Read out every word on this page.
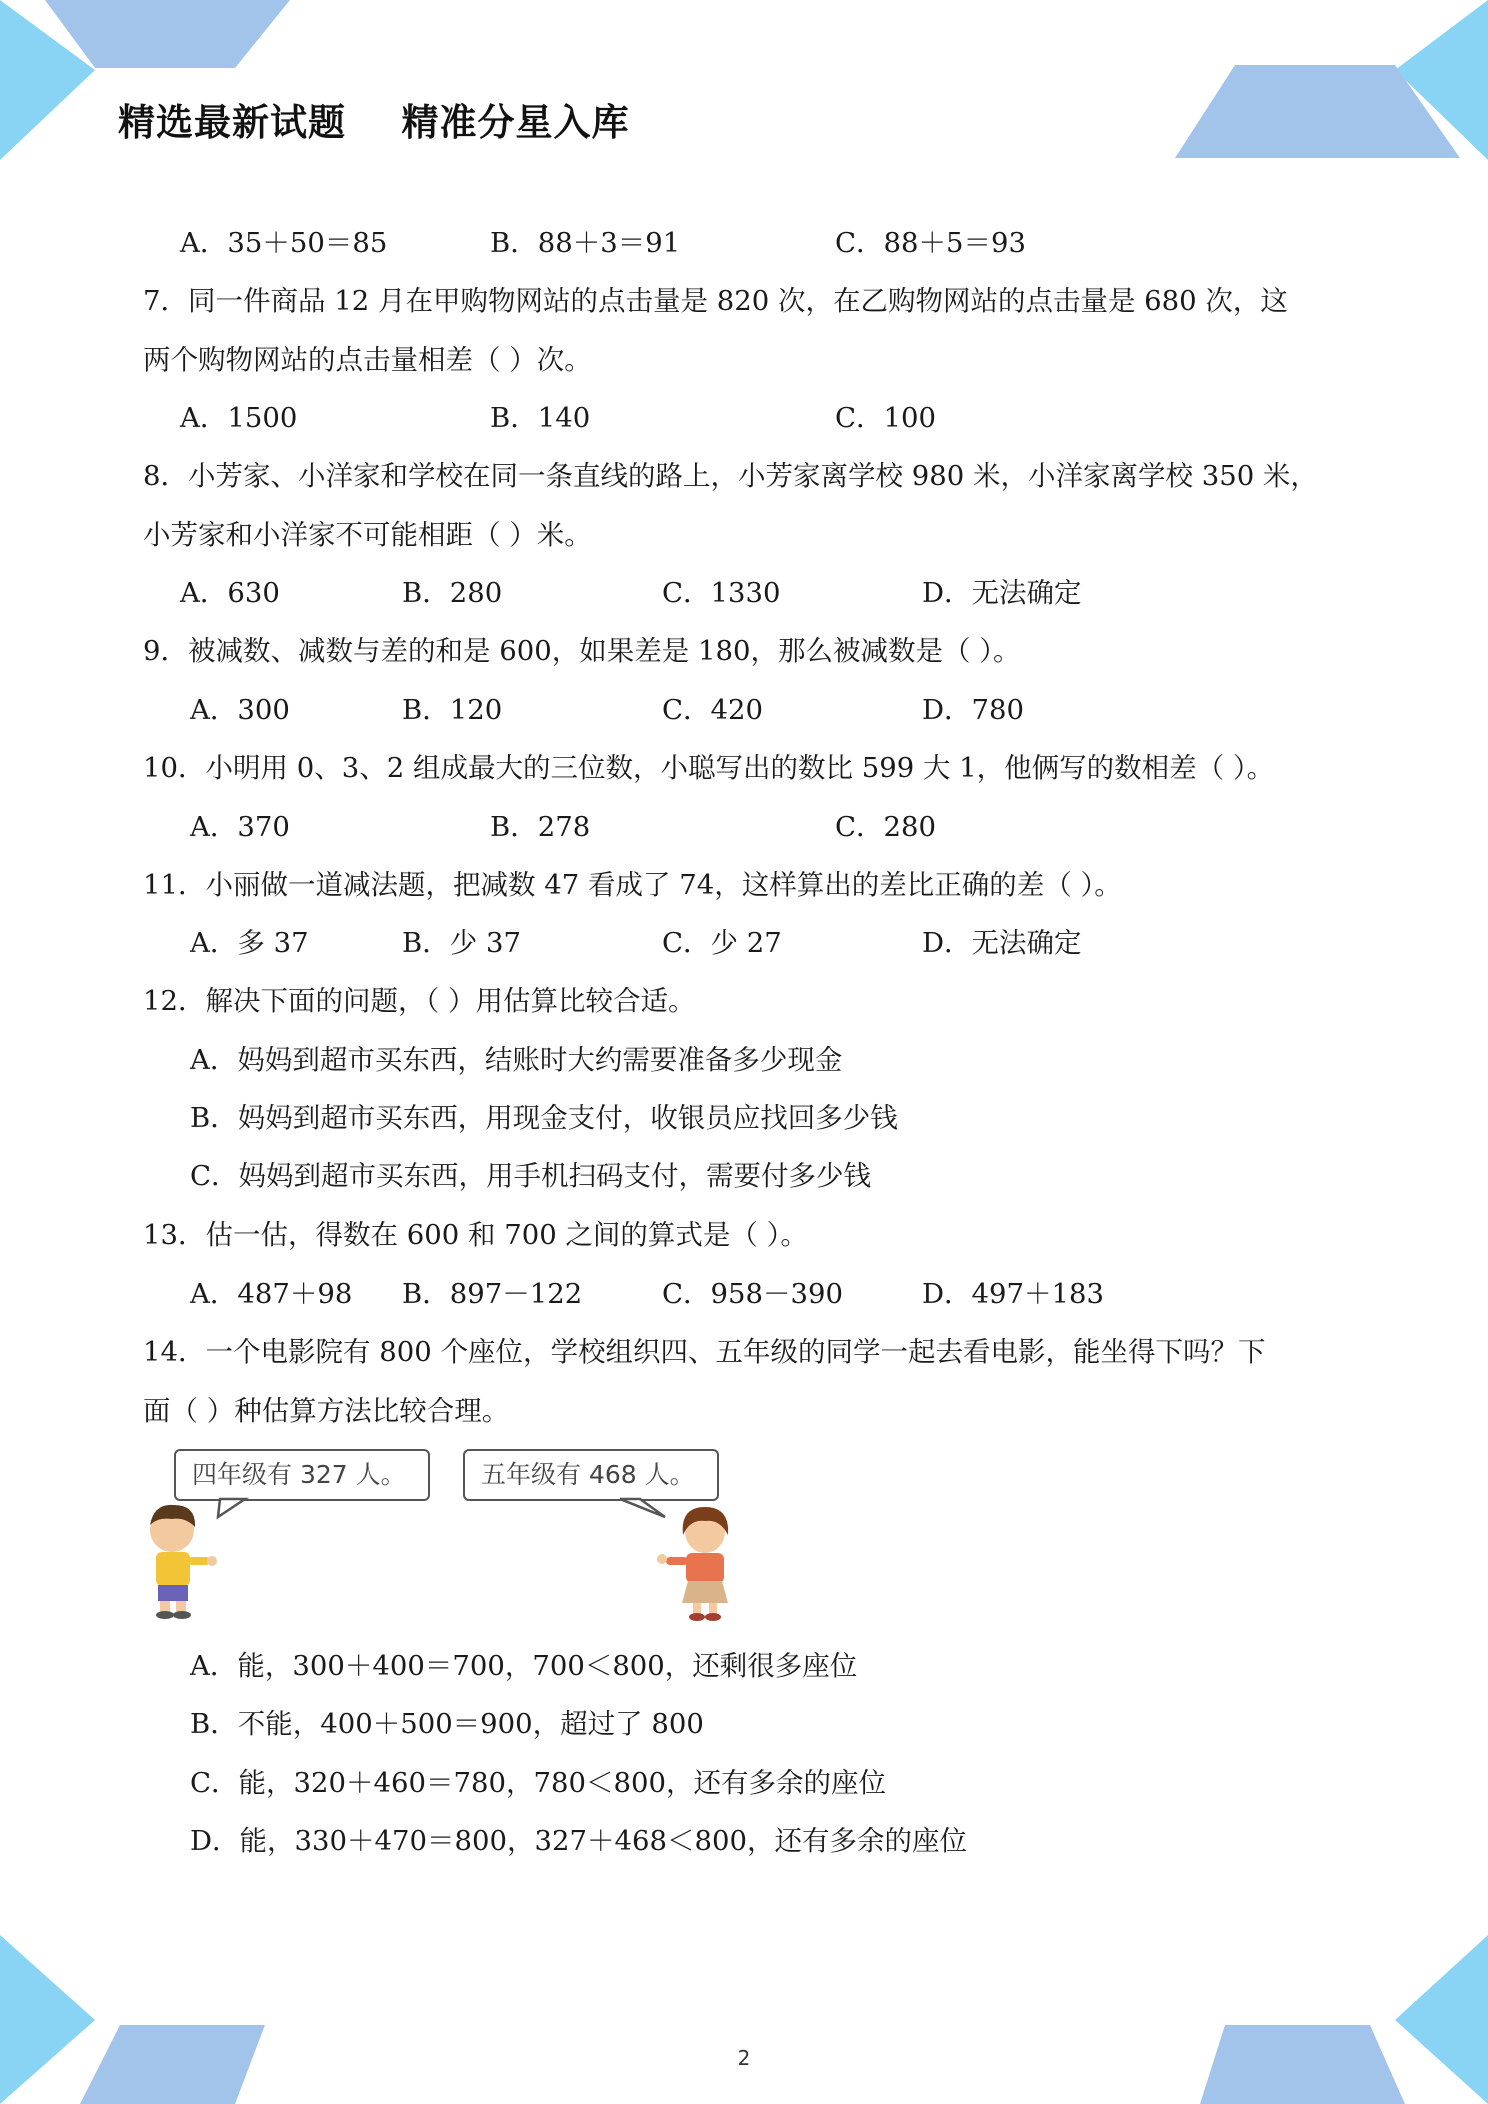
精选最新试题    精准分星入库
A．35＋50＝85	B．88＋3＝91	C．88＋5＝93
7．同一件商品 12 月在甲购物网站的点击量是 820 次，在乙购物网站的点击量是 680 次，这
两个购物网站的点击量相差（ ）次。
A．1500	B．140	C．100
8．小芳家、小洋家和学校在同一条直线的路上，小芳家离学校 980 米，小洋家离学校 350 米，
小芳家和小洋家不可能相距（ ）米。
A．630	B．280	C．1330	D．无法确定
9．被减数、减数与差的和是 600，如果差是 180，那么被减数是（ ）。
A．300	B．120	C．420	D．780
10．小明用 0、3、2 组成最大的三位数，小聪写出的数比 599 大 1，他俩写的数相差（ ）。
A．370	B．278	C．280
11．小丽做一道减法题，把减数 47 看成了 74，这样算出的差比正确的差（ ）。
A．多 37	B．少 37	C．少 27	D．无法确定
12．解决下面的问题，（ ）用估算比较合适。
A．妈妈到超市买东西，结账时大约需要准备多少现金
B．妈妈到超市买东西，用现金支付，收银员应找回多少钱
C．妈妈到超市买东西，用手机扫码支付，需要付多少钱
13．估一估，得数在 600 和 700 之间的算式是（ ）。
A．487＋98 B．897－122	C．958－390	D．497＋183
14．一个电影院有 800 个座位，学校组织四、五年级的同学一起去看电影，能坐得下吗？下
面（ ）种估算方法比较合理。
四年级有 327 人。	五年级有 468 人。
A．能，300＋400＝700，700＜800，还剩很多座位
B．不能，400＋500＝900，超过了 800
C．能，320＋460＝780，780＜800，还有多余的座位
D．能，330＋470＝800，327＋468＜800，还有多余的座位
2
